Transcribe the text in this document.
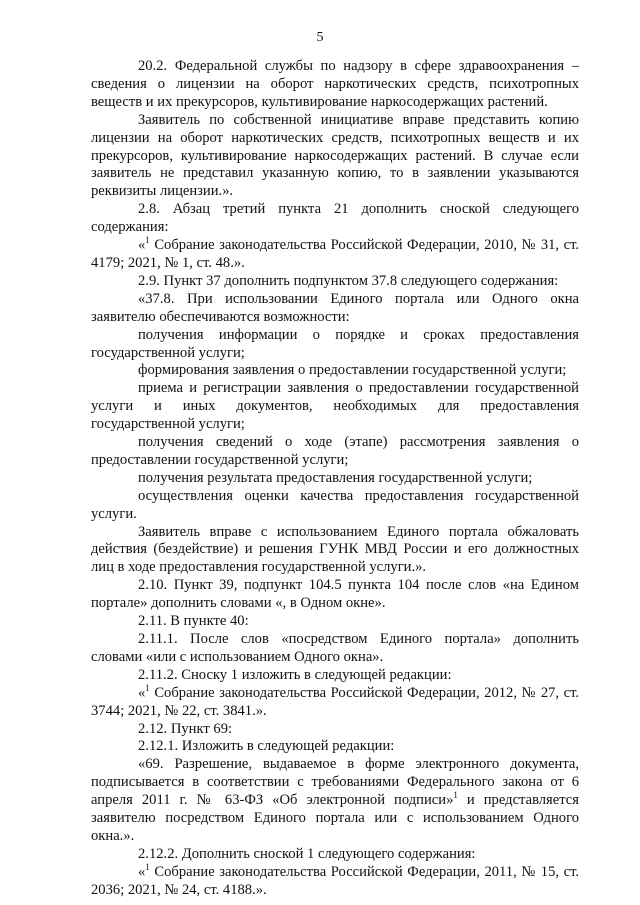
5

20.2. Федеральной службы по надзору в сфере здравоохранения – сведения о лицензии на оборот наркотических средств, психотропных веществ и их прекурсоров, культивирование наркосодержащих растений.

Заявитель по собственной инициативе вправе представить копию лицензии на оборот наркотических средств, психотропных веществ и их прекурсоров, культивирование наркосодержащих растений. В случае если заявитель не представил указанную копию, то в заявлении указываются реквизиты лицензии.».

2.8. Абзац третий пункта 21 дополнить сноской следующего содержания:

«$^1$ Собрание законодательства Российской Федерации, 2010, № 31, ст. 4179; 2021, № 1, ст. 48.».

2.9. Пункт 37 дополнить подпунктом 37.8 следующего содержания:

«37.8. При использовании Единого портала или Одного окна заявителю обеспечиваются возможности:

получения информации о порядке и сроках предоставления государственной услуги;

формирования заявления о предоставлении государственной услуги;

приема и регистрации заявления о предоставлении государственной услуги и иных документов, необходимых для предоставления государственной услуги;

получения сведений о ходе (этапе) рассмотрения заявления о предоставлении государственной услуги;

получения результата предоставления государственной услуги;

осуществления оценки качества предоставления государственной услуги.

Заявитель вправе с использованием Единого портала обжаловать действия (бездействие) и решения ГУНК МВД России и его должностных лиц в ходе предоставления государственной услуги.».

2.10. Пункт 39, подпункт 104.5 пункта 104 после слов «на Едином портале» дополнить словами «, в Одном окне».

2.11. В пункте 40:

2.11.1. После слов «посредством Единого портала» дополнить словами «или с использованием Одного окна».

2.11.2. Сноску 1 изложить в следующей редакции:

«$^1$ Собрание законодательства Российской Федерации, 2012, № 27, ст. 3744; 2021, № 22, ст. 3841.».

2.12. Пункт 69:

2.12.1. Изложить в следующей редакции:

«69. Разрешение, выдаваемое в форме электронного документа, подписывается в соответствии с требованиями Федерального закона от 6 апреля 2011 г. № 63-ФЗ «Об электронной подписи»$^1$ и представляется заявителю посредством Единого портала или с использованием Одного окна.».

2.12.2. Дополнить сноской 1 следующего содержания:

«$^1$ Собрание законодательства Российской Федерации, 2011, № 15, ст. 2036; 2021, № 24, ст. 4188.».
